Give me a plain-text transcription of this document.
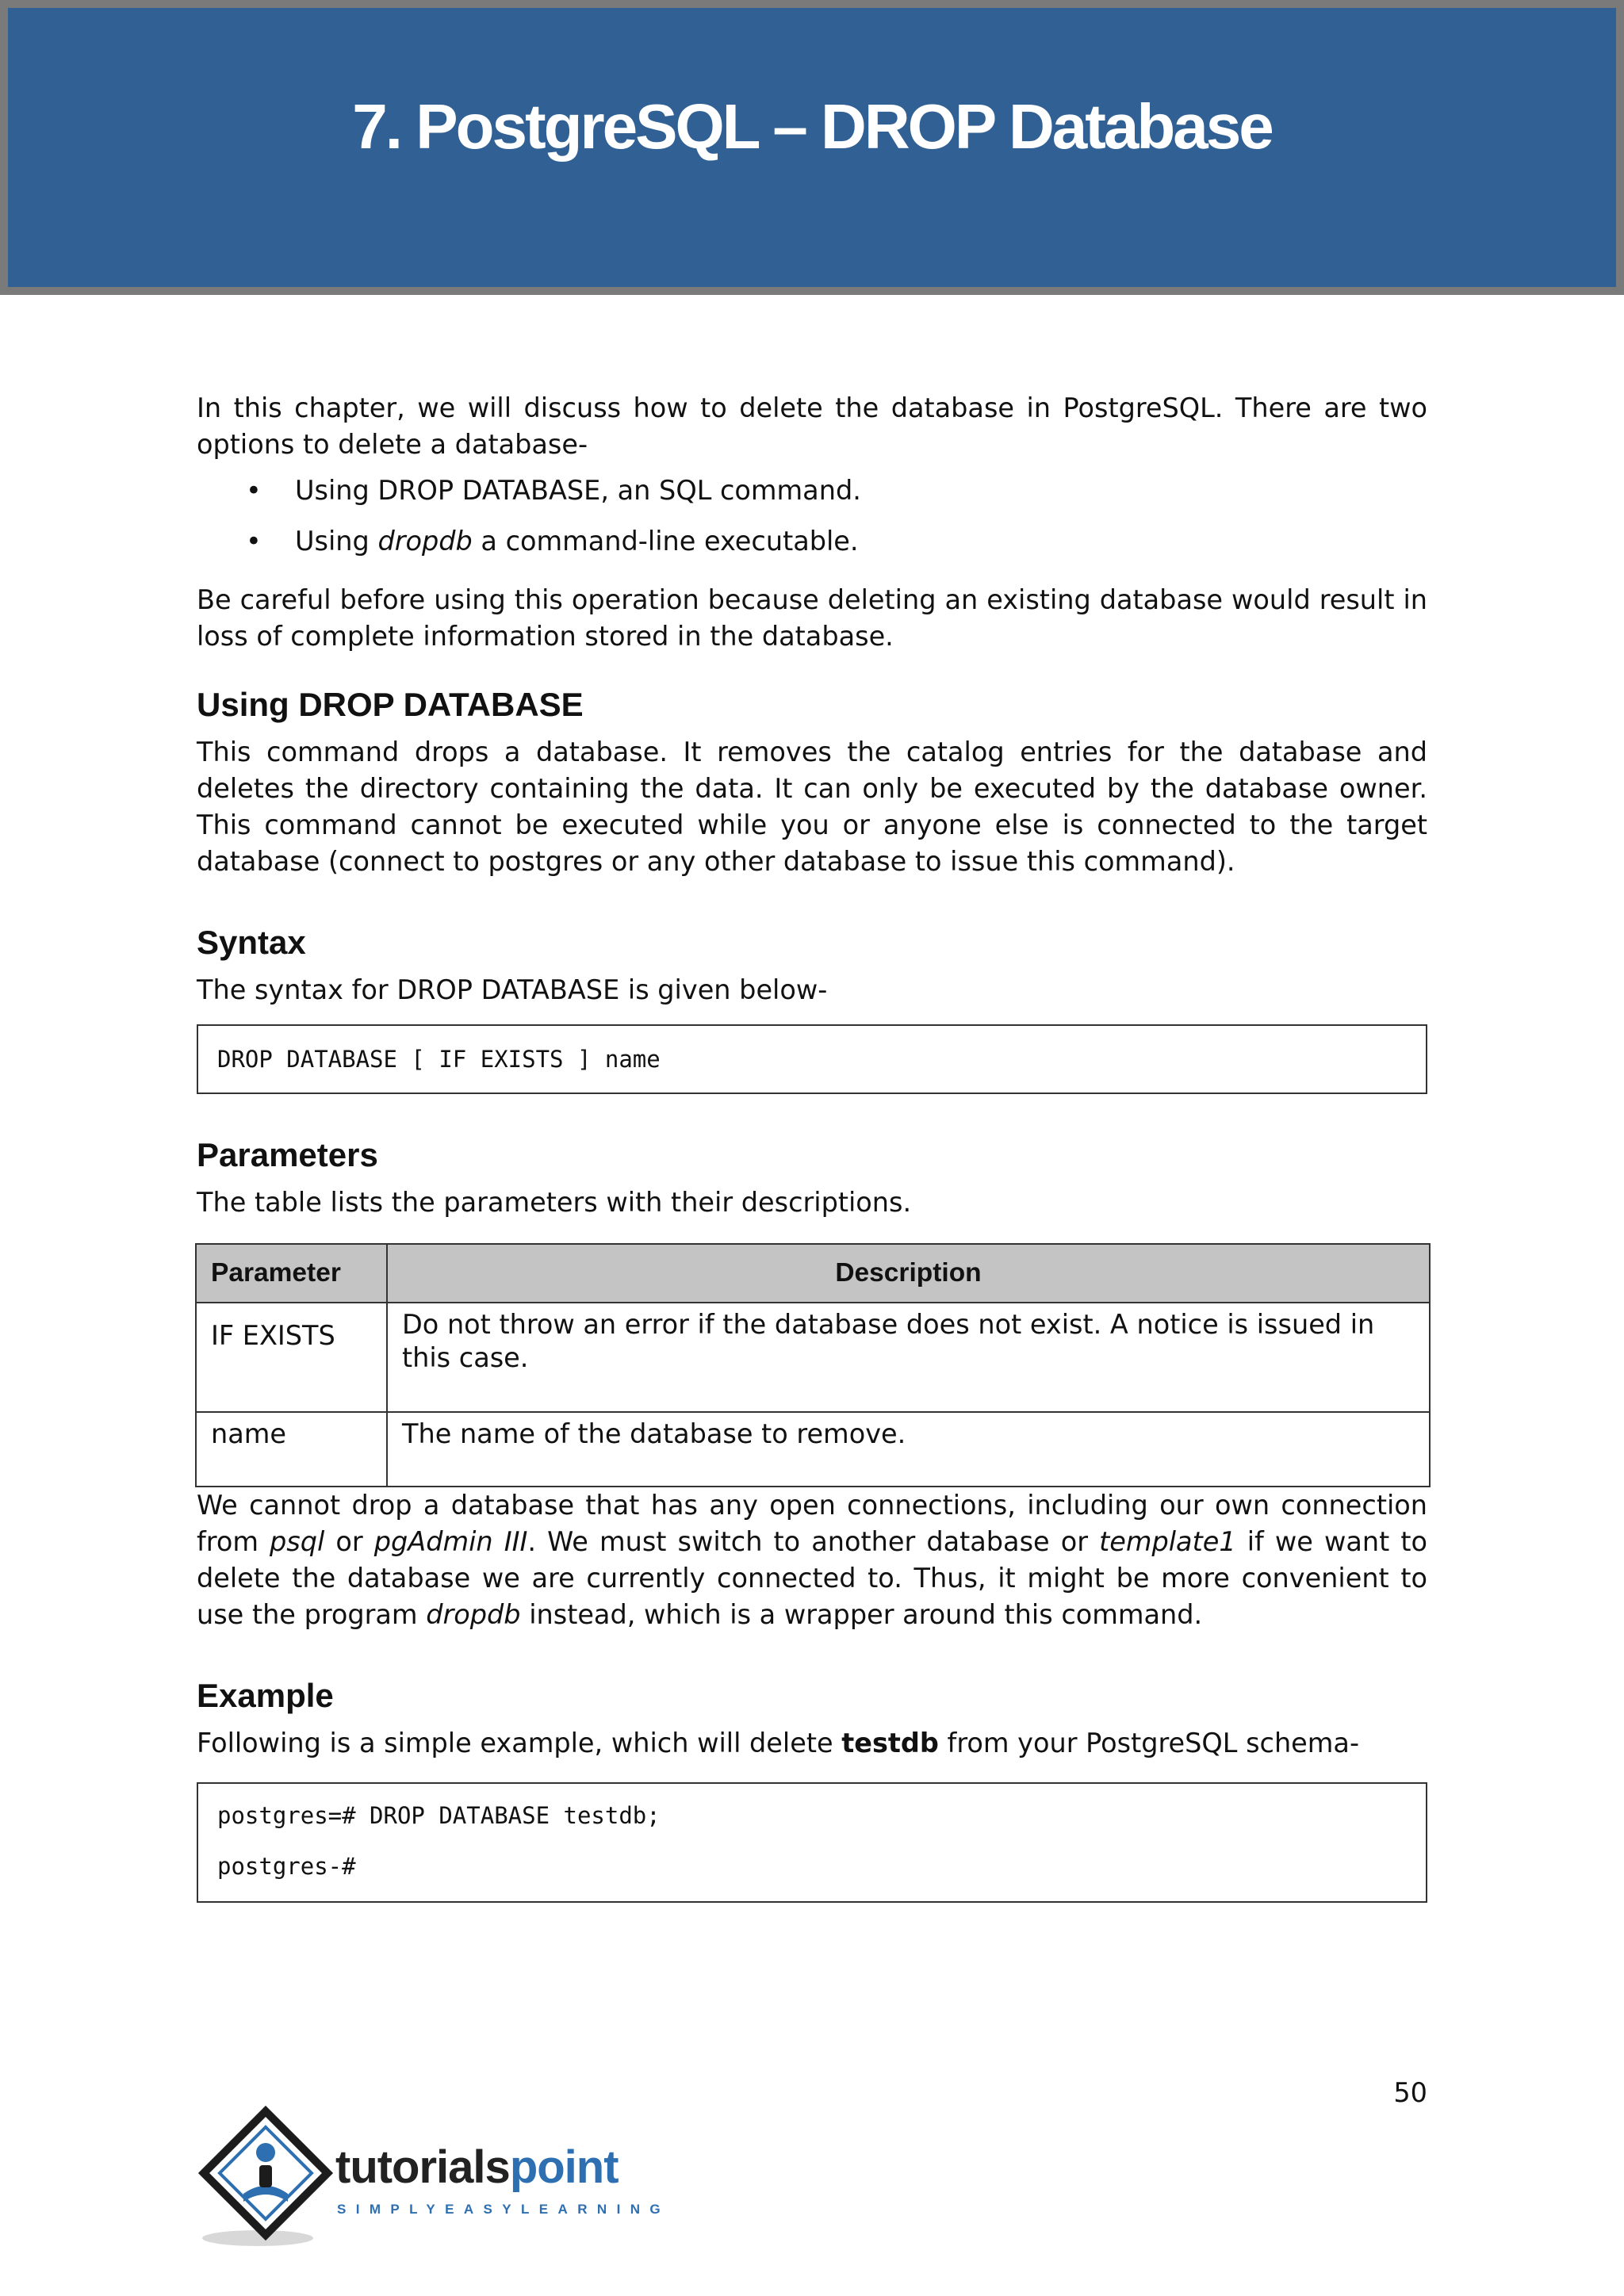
7. PostgreSQL – DROP Database

In this chapter, we will discuss how to delete the database in PostgreSQL. There are two options to delete a database-

• Using DROP DATABASE, an SQL command.
• Using dropdb a command-line executable.

Be careful before using this operation because deleting an existing database would result in loss of complete information stored in the database.

Using DROP DATABASE

This command drops a database. It removes the catalog entries for the database and deletes the directory containing the data. It can only be executed by the database owner. This command cannot be executed while you or anyone else is connected to the target database (connect to postgres or any other database to issue this command).

Syntax

The syntax for DROP DATABASE is given below-

DROP DATABASE [ IF EXISTS ] name
Parameters

The table lists the parameters with their descriptions.

Parameter	Description
IF EXISTS	Do not throw an error if the database does not exist. A notice is issued in this case.
name	The name of the database to remove.

We cannot drop a database that has any open connections, including our own connection from psql or pgAdmin III. We must switch to another database or template1 if we want to delete the database we are currently connected to. Thus, it might be more convenient to use the program dropdb instead, which is a wrapper around this command.

Example

Following is a simple example, which will delete testdb from your PostgreSQL schema-

postgres=# DROP DATABASE testdb;
postgres-#
50
tutorialspoint
SIMPLYEASYLEARNING
